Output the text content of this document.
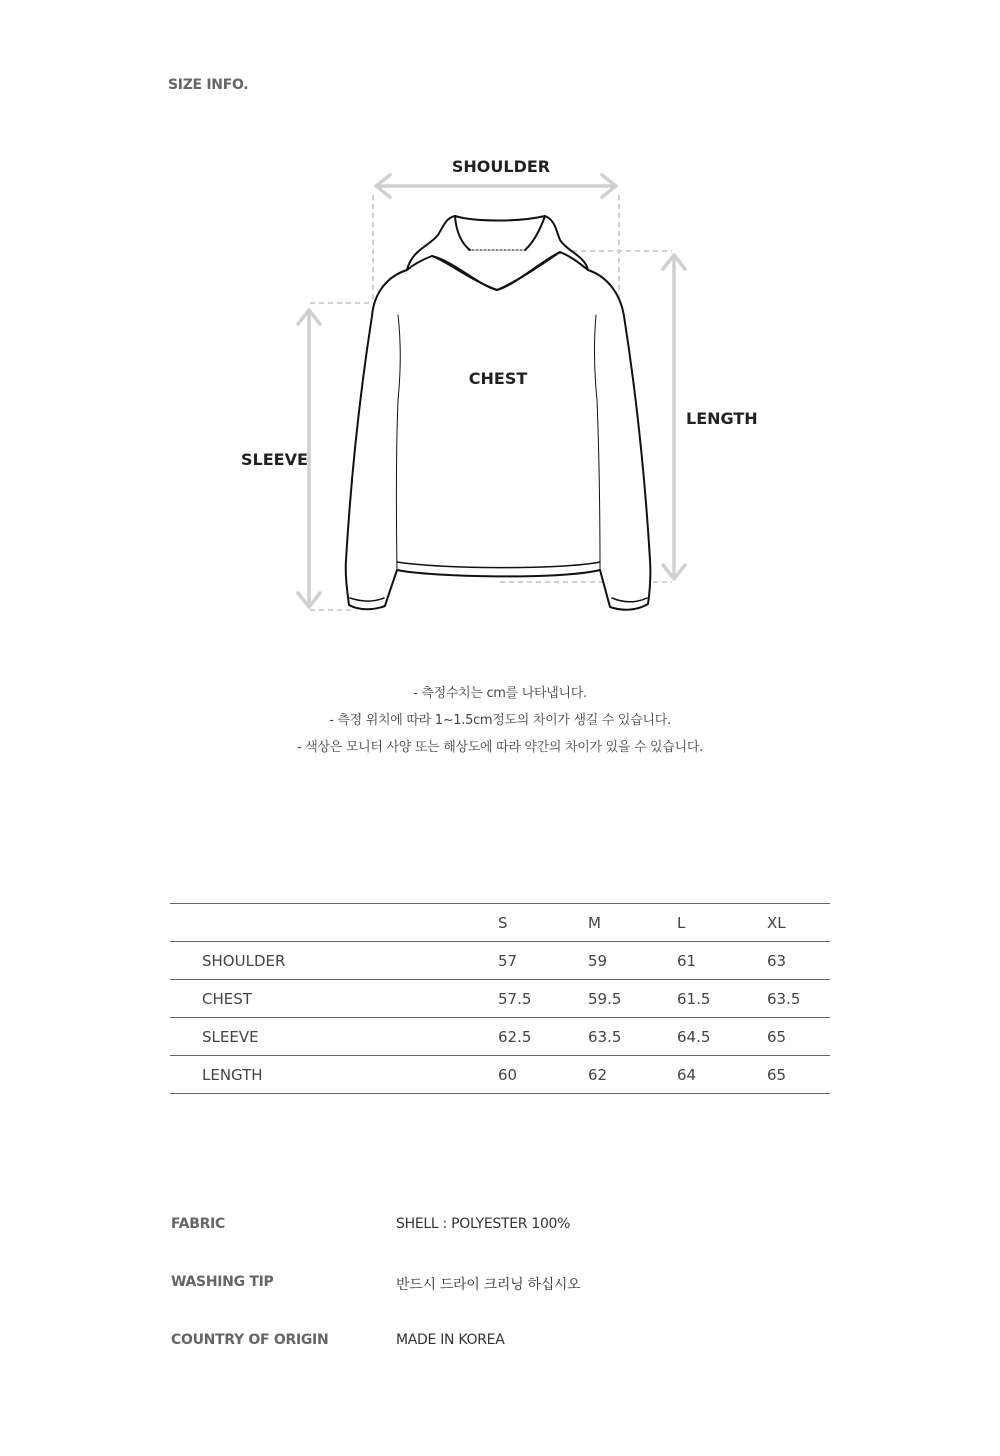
SIZE INFO.
SHOULDER
CHEST
SLEEVE
LENGTH
- 측정수치는 cm를 나타냅니다.
- 측정 위치에 따라 1~1.5cm정도의 차이가 생길 수 있습니다.
- 색상은 모니터 사양 또는 해상도에 따라 약간의 차이가 있을 수 있습니다.
	S	M	L	XL
SHOULDER	57	59	61	63
CHEST	57.5	59.5	61.5	63.5
SLEEVE	62.5	63.5	64.5	65
LENGTH	60	62	64	65
FABRIC	SHELL : POLYESTER 100%
WASHING TIP	반드시 드라이 크리닝 하십시오
COUNTRY OF ORIGIN	MADE IN KOREA
